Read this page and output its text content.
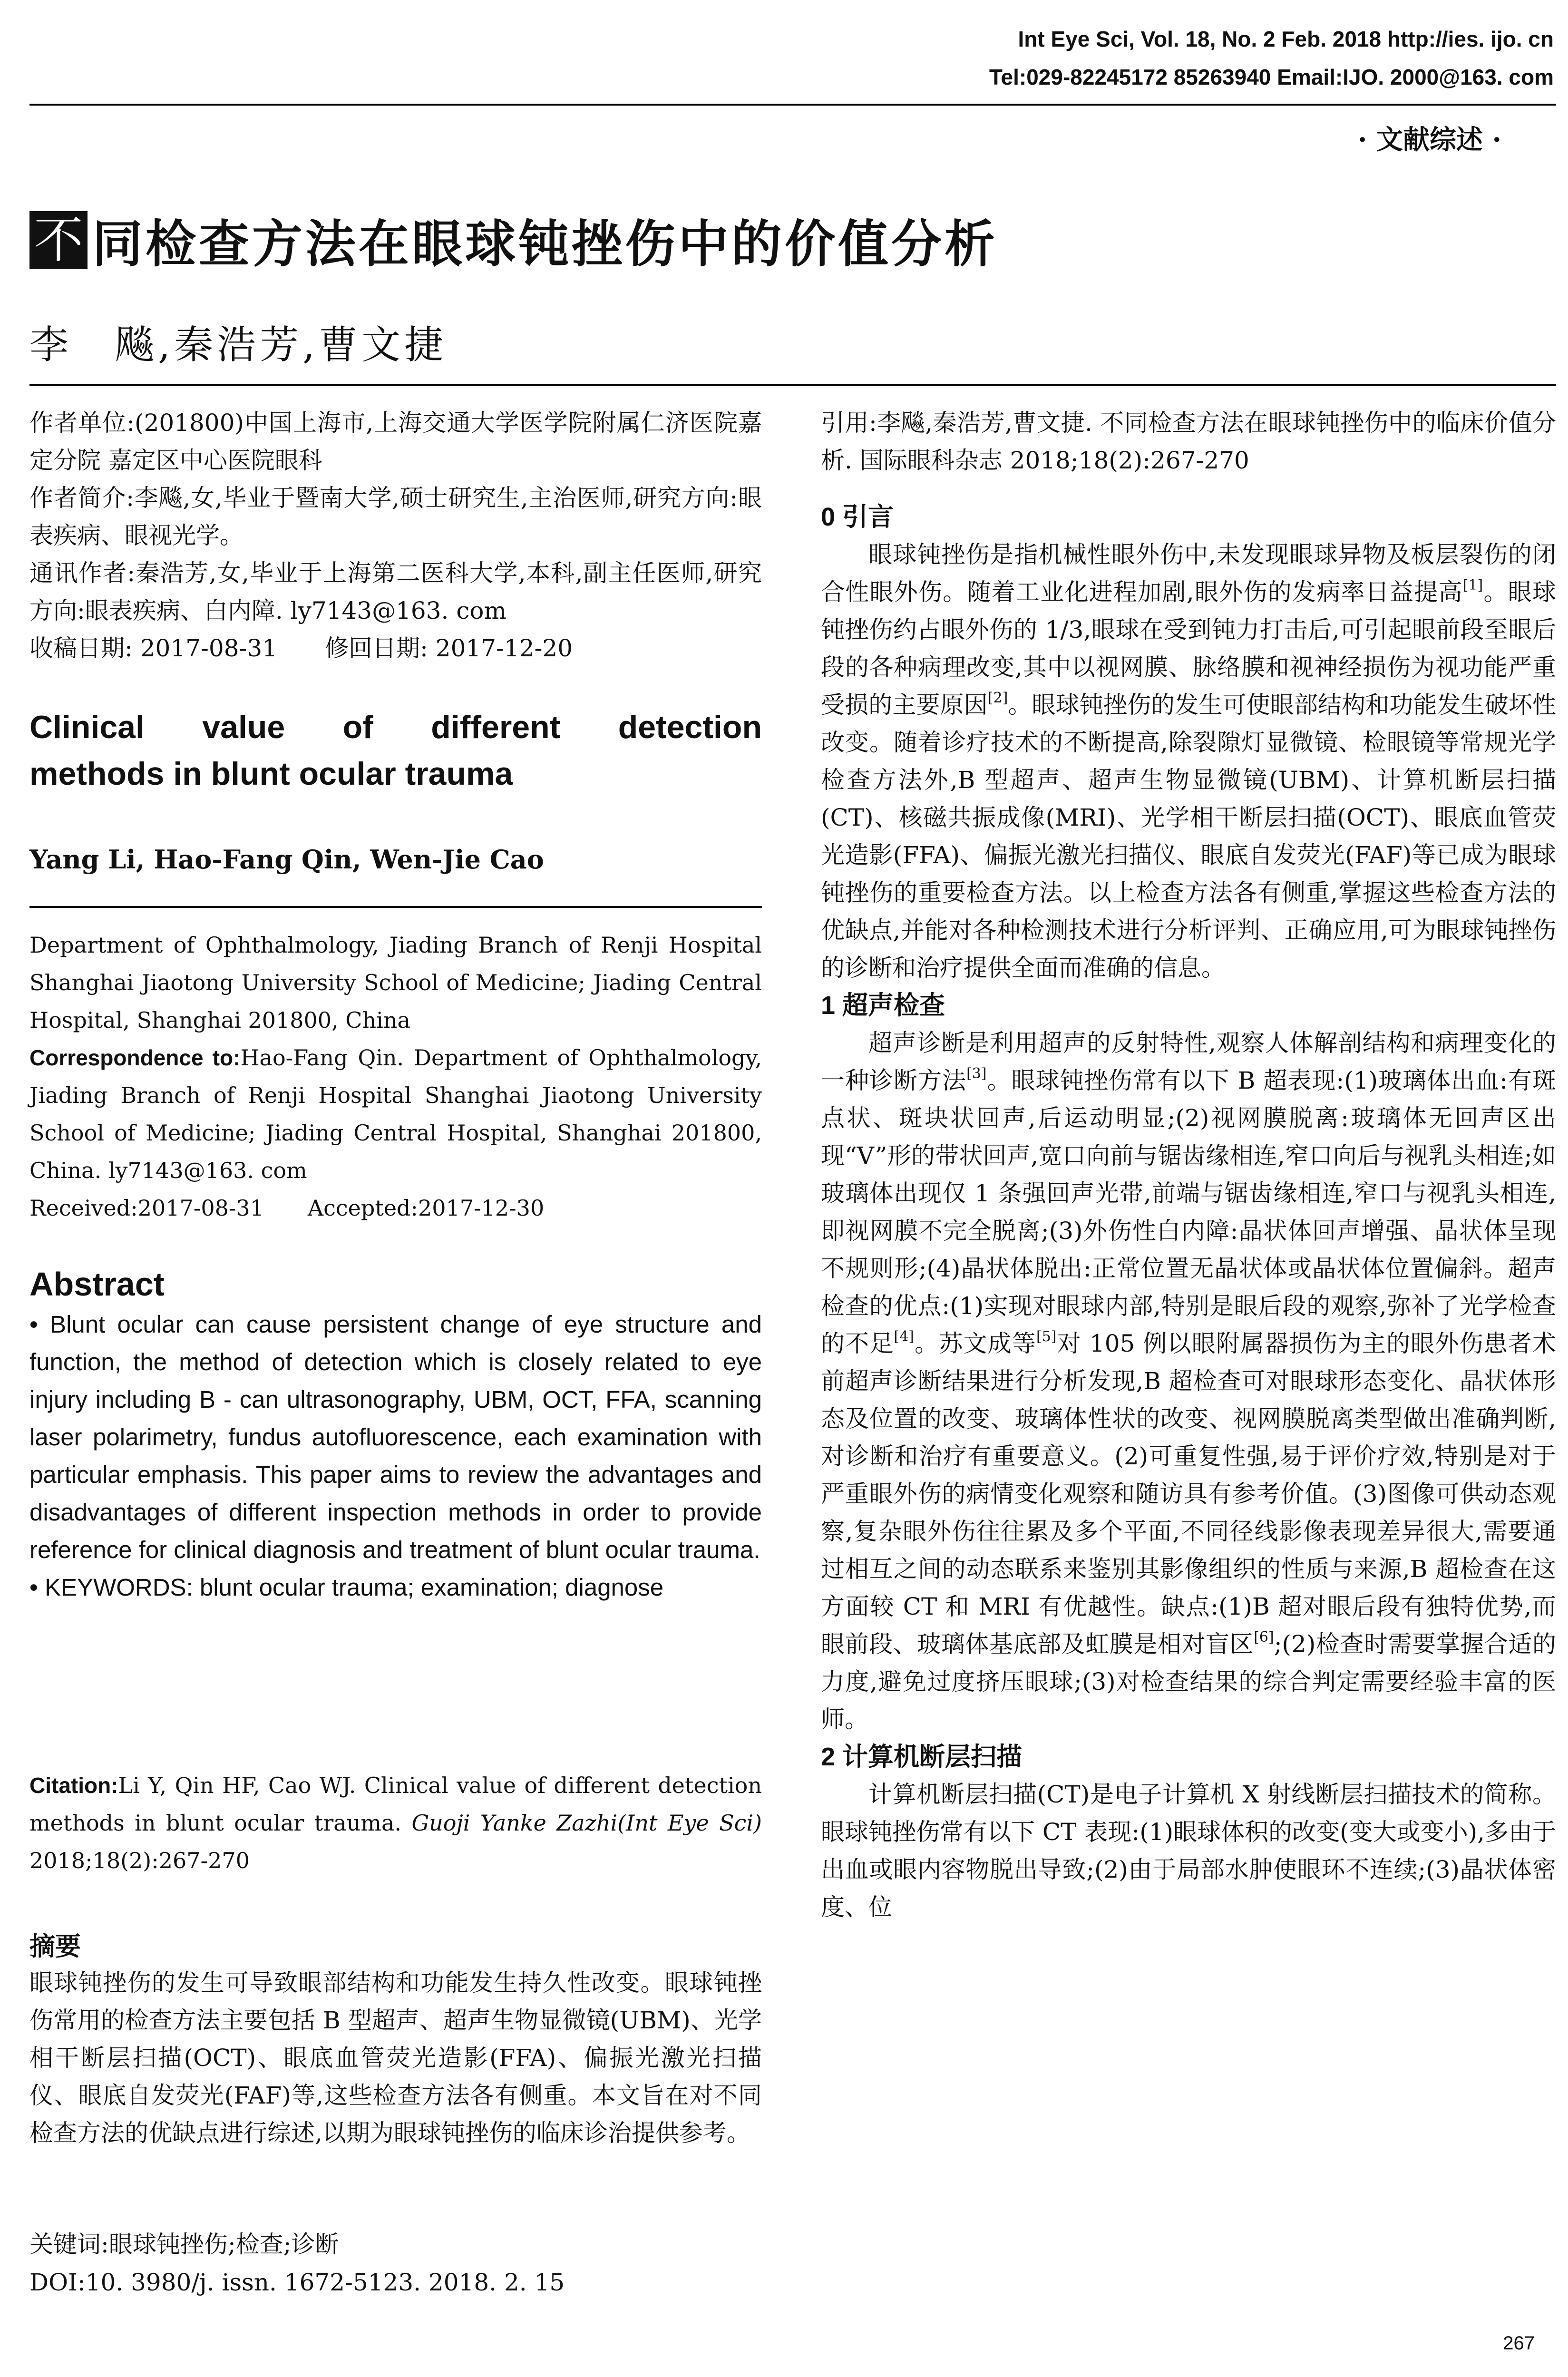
Int Eye Sci, Vol. 18, No. 2 Feb. 2018 http://ies. ijo. cn
Tel:029-82245172 85263940 Email:IJO. 2000@163. com
· 文献综述 ·
不 同检查方法在眼球钝挫伤中的价值分析
李　飚,秦浩芳,曹文捷

作者单位:(201800)中国上海市,上海交通大学医学院附属仁济医院嘉定分院 嘉定区中心医院眼科

作者简介:李飚,女,毕业于暨南大学,硕士研究生,主治医师,研究方向:眼表疾病、眼视光学。

通讯作者:秦浩芳,女,毕业于上海第二医科大学,本科,副主任医师,研究方向:眼表疾病、白内障. ly7143@163. com

收稿日期: 2017-08-31　　修回日期: 2017-12-20

Clinical value of different detection
methods in blunt ocular trauma
Yang Li, Hao-Fang Qin, Wen-Jie Cao

Department of Ophthalmology, Jiading Branch of Renji Hospital Shanghai Jiaotong University School of Medicine; Jiading Central Hospital, Shanghai 201800, China

Correspondence to:Hao-Fang Qin. Department of Ophthalmology, Jiading Branch of Renji Hospital Shanghai Jiaotong University School of Medicine; Jiading Central Hospital, Shanghai 201800, China. ly7143@163. com

Received:2017-08-31　　Accepted:2017-12-30

Abstract

• Blunt ocular can cause persistent change of eye structure and function, the method of detection which is closely related to eye injury including B - can ultrasonography, UBM, OCT, FFA, scanning laser polarimetry, fundus autofluorescence, each examination with particular emphasis. This paper aims to review the advantages and disadvantages of different inspection methods in order to provide reference for clinical diagnosis and treatment of blunt ocular trauma.

• KEYWORDS: blunt ocular trauma; examination; diagnose

Citation:Li Y, Qin HF, Cao WJ. Clinical value of different detection methods in blunt ocular trauma. Guoji Yanke Zazhi(Int Eye Sci) 2018;18(2):267-270

摘要
眼球钝挫伤的发生可导致眼部结构和功能发生持久性改变。眼球钝挫伤常用的检查方法主要包括 B 型超声、超声生物显微镜(UBM)、光学相干断层扫描(OCT)、眼底血管荧光造影(FFA)、偏振光激光扫描仪、眼底自发荧光(FAF)等,这些检查方法各有侧重。本文旨在对不同检查方法的优缺点进行综述,以期为眼球钝挫伤的临床诊治提供参考。
关键词:眼球钝挫伤;检查;诊断
DOI:10. 3980/j. issn. 1672-5123. 2018. 2. 15

引用:李飚,秦浩芳,曹文捷. 不同检查方法在眼球钝挫伤中的临床价值分析. 国际眼科杂志 2018;18(2):267-270

0 引言

眼球钝挫伤是指机械性眼外伤中,未发现眼球异物及板层裂伤的闭合性眼外伤。随着工业化进程加剧,眼外伤的发病率日益提高[1]。眼球钝挫伤约占眼外伤的 1/3,眼球在受到钝力打击后,可引起眼前段至眼后段的各种病理改变,其中以视网膜、脉络膜和视神经损伤为视功能严重受损的主要原因[2]。眼球钝挫伤的发生可使眼部结构和功能发生破坏性改变。随着诊疗技术的不断提高,除裂隙灯显微镜、检眼镜等常规光学检查方法外,B 型超声、超声生物显微镜(UBM)、计算机断层扫描(CT)、核磁共振成像(MRI)、光学相干断层扫描(OCT)、眼底血管荧光造影(FFA)、偏振光激光扫描仪、眼底自发荧光(FAF)等已成为眼球钝挫伤的重要检查方法。以上检查方法各有侧重,掌握这些检查方法的优缺点,并能对各种检测技术进行分析评判、正确应用,可为眼球钝挫伤的诊断和治疗提供全面而准确的信息。

1 超声检查

超声诊断是利用超声的反射特性,观察人体解剖结构和病理变化的一种诊断方法[3]。眼球钝挫伤常有以下 B 超表现:(1)玻璃体出血:有斑点状、斑块状回声,后运动明显;(2)视网膜脱离:玻璃体无回声区出现“V”形的带状回声,宽口向前与锯齿缘相连,窄口向后与视乳头相连;如玻璃体出现仅 1 条强回声光带,前端与锯齿缘相连,窄口与视乳头相连,即视网膜不完全脱离;(3)外伤性白内障:晶状体回声增强、晶状体呈现不规则形;(4)晶状体脱出:正常位置无晶状体或晶状体位置偏斜。超声检查的优点:(1)实现对眼球内部,特别是眼后段的观察,弥补了光学检查的不足[4]。苏文成等[5]对 105 例以眼附属器损伤为主的眼外伤患者术前超声诊断结果进行分析发现,B 超检查可对眼球形态变化、晶状体形态及位置的改变、玻璃体性状的改变、视网膜脱离类型做出准确判断,对诊断和治疗有重要意义。(2)可重复性强,易于评价疗效,特别是对于严重眼外伤的病情变化观察和随访具有参考价值。(3)图像可供动态观察,复杂眼外伤往往累及多个平面,不同径线影像表现差异很大,需要通过相互之间的动态联系来鉴别其影像组织的性质与来源,B 超检查在这方面较 CT 和 MRI 有优越性。缺点:(1)B 超对眼后段有独特优势,而眼前段、玻璃体基底部及虹膜是相对盲区[6];(2)检查时需要掌握合适的力度,避免过度挤压眼球;(3)对检查结果的综合判定需要经验丰富的医师。

2 计算机断层扫描

计算机断层扫描(CT)是电子计算机 X 射线断层扫描技术的简称。眼球钝挫伤常有以下 CT 表现:(1)眼球体积的改变(变大或变小),多由于出血或眼内容物脱出导致;(2)由于局部水肿使眼环不连续;(3)晶状体密度、位

267
